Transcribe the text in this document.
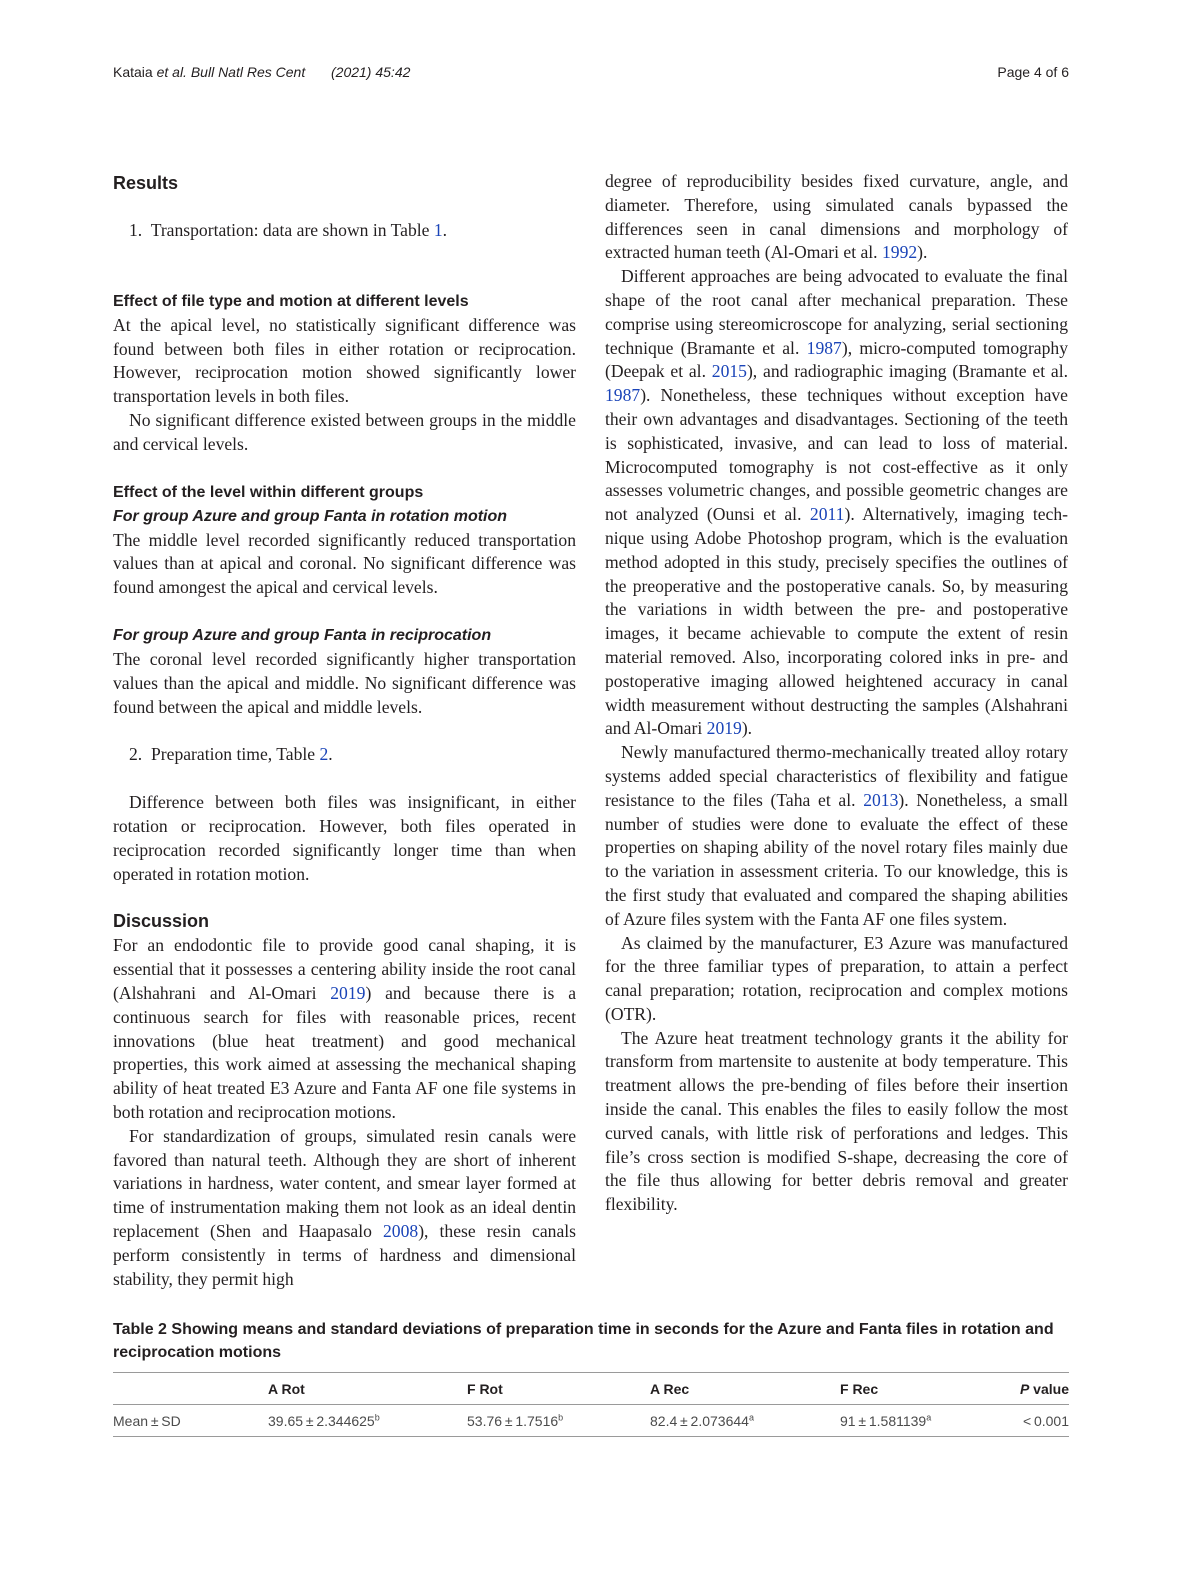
Kataia et al. Bull Natl Res Cent (2021) 45:42	Page 4 of 6
Results
1. Transportation: data are shown in Table 1.
Effect of file type and motion at different levels

At the apical level, no statistically significant difference was found between both files in either rotation or reciprocation. However, reciprocation motion showed significantly lower transportation levels in both files.

No significant difference existed between groups in the middle and cervical levels.

Effect of the level within different groups
For group Azure and group Fanta in rotation motion

The middle level recorded significantly reduced transportation values than at apical and coronal. No significant difference was found amongest the apical and cervical levels.

For group Azure and group Fanta in reciprocation

The coronal level recorded significantly higher transportation values than the apical and middle. No significant difference was found between the apical and middle levels.

2. Preparation time, Table 2.

Difference between both files was insignificant, in either rotation or reciprocation. However, both files operated in reciprocation recorded significantly longer time than when operated in rotation motion.

Discussion

For an endodontic file to provide good canal shaping, it is essential that it possesses a centering ability inside the root canal (Alshahrani and Al-Omari 2019) and because there is a continuous search for files with reasonable prices, recent innovations (blue heat treatment) and good mechanical properties, this work aimed at assessing the mechanical shaping ability of heat treated E3 Azure and Fanta AF one file systems in both rotation and reciprocation motions.

For standardization of groups, simulated resin canals were favored than natural teeth. Although they are short of inherent variations in hardness, water content, and smear layer formed at time of instrumentation making them not look as an ideal dentin replacement (Shen and Haapasalo 2008), these resin canals perform consistently in terms of hardness and dimensional stability, they permit high

degree of reproducibility besides fixed curvature, angle, and diameter. Therefore, using simulated canals bypassed the differences seen in canal dimensions and morphology of extracted human teeth (Al-Omari et al. 1992).

Different approaches are being advocated to evaluate the final shape of the root canal after mechanical preparation. These comprise using stereomicroscope for analyzing, serial sectioning technique (Bramante et al. 1987), micro-computed tomography (Deepak et al. 2015), and radiographic imaging (Bramante et al. 1987). Nonetheless, these techniques without exception have their own advantages and disadvantages. Sectioning of the teeth is sophisticated, invasive, and can lead to loss of material. Microcomputed tomography is not cost-effective as it only assesses volumetric changes, and possible geometric changes are not analyzed (Ounsi et al. 2011). Alternatively, imaging technique using Adobe Photoshop program, which is the evaluation method adopted in this study, precisely specifies the outlines of the preoperative and the postoperative canals. So, by measuring the variations in width between the pre- and postoperative images, it became achievable to compute the extent of resin material removed. Also, incorporating colored inks in pre- and postoperative imaging allowed heightened accuracy in canal width measurement without destructing the samples (Alshahrani and Al-Omari 2019).

Newly manufactured thermo-mechanically treated alloy rotary systems added special characteristics of flexibility and fatigue resistance to the files (Taha et al. 2013). Nonetheless, a small number of studies were done to evaluate the effect of these properties on shaping ability of the novel rotary files mainly due to the variation in assessment criteria. To our knowledge, this is the first study that evaluated and compared the shaping abilities of Azure files system with the Fanta AF one files system.

As claimed by the manufacturer, E3 Azure was manufactured for the three familiar types of preparation, to attain a perfect canal preparation; rotation, reciprocation and complex motions (OTR).

The Azure heat treatment technology grants it the ability for transform from martensite to austenite at body temperature. This treatment allows the pre-bending of files before their insertion inside the canal. This enables the files to easily follow the most curved canals, with little risk of perforations and ledges. This file’s cross section is modified S-shape, decreasing the core of the file thus allowing for better debris removal and greater flexibility.

Table 2 Showing means and standard deviations of preparation time in seconds for the Azure and Fanta files in rotation and reciprocation motions
	A Rot	F Rot	A Rec	F Rec	P value
Mean ± SD	39.65 ± 2.344625$^b$	53.76 ± 1.7516$^b$	82.4 ± 2.073644$^a$	91 ± 1.581139$^a$	< 0.001
